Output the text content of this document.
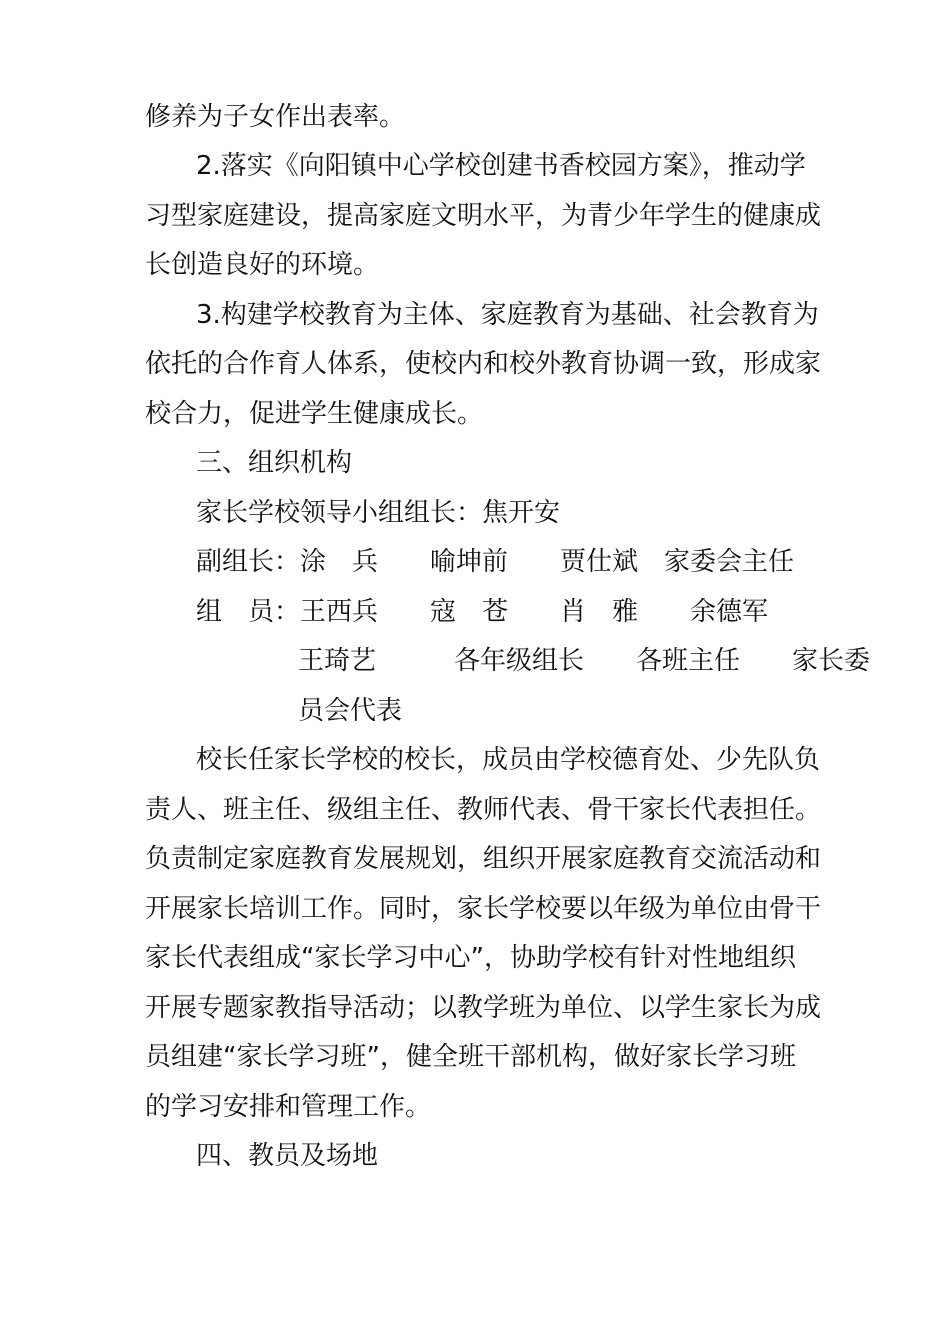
修养为子女作出表率。
2.落实《向阳镇中心学校创建书香校园方案》，推动学
习型家庭建设，提高家庭文明水平，为青少年学生的健康成
长创造良好的环境。
3.构建学校教育为主体、家庭教育为基础、社会教育为
依托的合作育人体系，使校内和校外教育协调一致，形成家
校合力，促进学生健康成长。
三、组织机构
家长学校领导小组组长：焦开安
副组长：涂　兵　　喻坤前　　贾仕斌　家委会主任
组　员：王西兵　　寇　苍　　肖　雅　　余德军
王琦艺　　　各年级组长　　各班主任　　家长委
员会代表
校长任家长学校的校长，成员由学校德育处、少先队负
责人、班主任、级组主任、教师代表、骨干家长代表担任。
负责制定家庭教育发展规划，组织开展家庭教育交流活动和
开展家长培训工作。同时，家长学校要以年级为单位由骨干
家长代表组成“家长学习中心”，协助学校有针对性地组织
开展专题家教指导活动；以教学班为单位、以学生家长为成
员组建“家长学习班”，健全班干部机构，做好家长学习班
的学习安排和管理工作。
四、教员及场地
